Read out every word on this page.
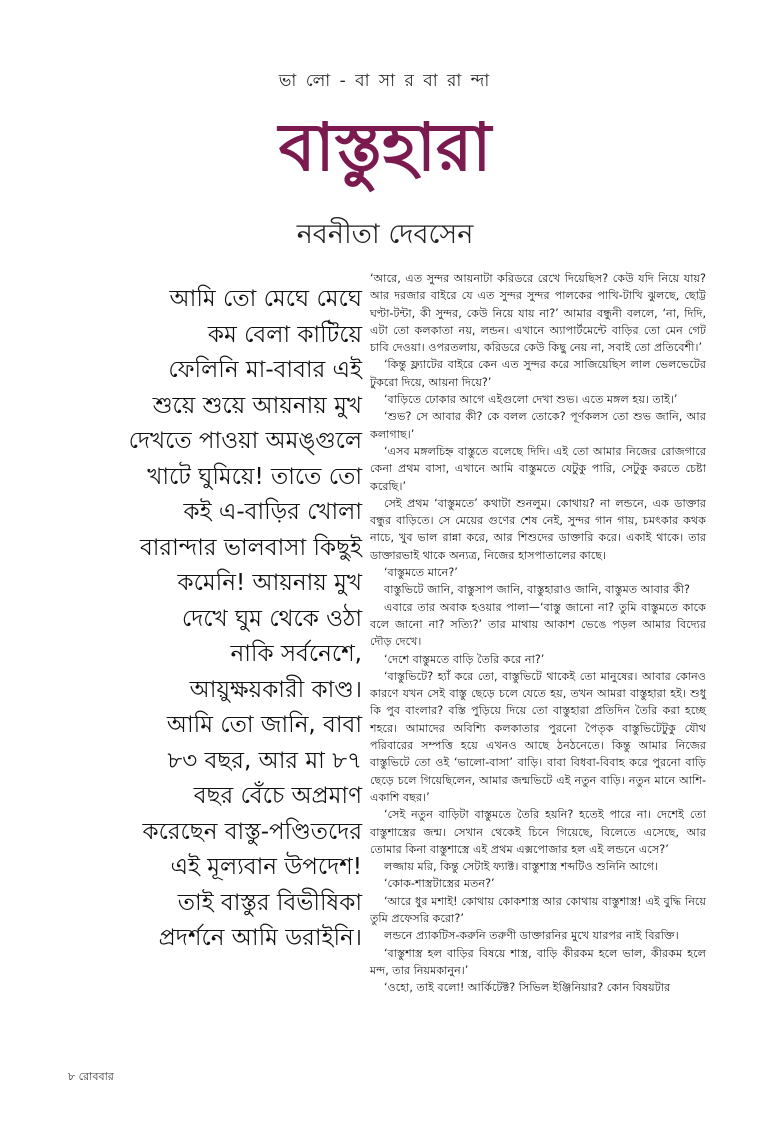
ভা লো - বা সা র বা রা ন্দা
বাস্তুহারা
নবনীতা দেবসেন
আমি তো মেঘে মেঘে
কম বেলা কাটিয়ে
ফেলিনি মা-বাবার এই
শুয়ে শুয়ে আয়নায় মুখ
দেখতে পাওয়া অমঙ্গুলে
খাটে ঘুমিয়ে! তাতে তো
কই এ-বাড়ির খোলা
বারান্দার ভালবাসা কিছুই
কমেনি! আয়নায় মুখ
দেখে ঘুম থেকে ওঠা
নাকি সর্বনেশে,
আয়ুক্ষয়কারী কাণ্ড।
আমি তো জানি, বাবা
৮৩ বছর, আর মা ৮৭
বছর বেঁচে অপ্রমাণ
করেছেন বাস্তু-পণ্ডিতদের
এই মূল্যবান উপদেশ!
তাই বাস্তুর বিভীষিকা
প্রদর্শনে আমি ডরাইনি।

‘আরে, এত সুন্দর আয়নাটা করিডরে রেখে দিয়েছিস? কেউ যদি নিয়ে যায়? আর দরজার বাইরে যে এত সুন্দর সুন্দর পালকের পাখি-টাখি ঝুলছে, ছোট্ট ঘণ্টা-টন্টা, কী সুন্দর, কেউ নিয়ে যায় না?’ আমার বন্ধুনী বললে, ‘না, দিদি, এটা তো কলকাতা নয়, লন্ডন। এখানে অ্যাপার্টমেন্টে বাড়ির তো মেন গেট চাবি দেওয়া। ওপরতলায়, করিডরে কেউ কিছু নেয় না, সবাই তো প্রতিবেশী।’

‘কিন্তু ফ্ল্যাটের বাইরে কেন এত সুন্দর করে সাজিয়েছিস লাল ভেলভেটের টুকরো দিয়ে, আয়না দিয়ে?’

‘বাড়িতে ঢোকার আগে এইগুলো দেখা শুভ। এতে মঙ্গল হয়। তাই।’

‘শুভ? সে আবার কী? কে বলল তোকে? পূর্ণকলস তো শুভ জানি, আর কলাগাছ।’

‘এসব মঙ্গলচিহ্ন বাস্তুতে বলেছে দিদি। এই তো আমার নিজের রোজগারে কেনা প্রথম বাসা, এখানে আমি বাস্তুমতে যেটুকু পারি, সেটুকু করতে চেষ্টা করেছি।’

সেই প্রথম ‘বাস্তুমতে’ কথাটা শুনলুম। কোথায়? না লন্ডনে, এক ডাক্তার বন্ধুর বাড়িতে। সে মেয়ের গুণের শেষ নেই, সুন্দর গান গায়, চমৎকার কথক নাচে, খুব ভাল রান্না করে, আর শিশুদের ডাক্তারি করে। একাই থাকে। তার ডাক্তারভাই থাকে অন্যত্র, নিজের হাসপাতালের কাছে।

‘বাস্তুমতে মানে?’

বাস্তুভিটে জানি, বাস্তুসাপ জানি, বাস্তুহারাও জানি, বাস্তুমত আবার কী?

এবারে তার অবাক হওয়ার পালা—‘বাস্তু জানো না? তুমি বাস্তুমতে কাকে বলে জানো না? সত্যি?’ তার মাথায় আকাশ ভেঙে পড়ল আমার বিদ্যের দৌড় দেখে।

‘দেশে বাস্তুমতে বাড়ি তৈরি করে না?’

‘বাস্তুভিটে? হ্যাঁ করে তো, বাস্তুভিটে থাকেই তো মানুষের। আবার কোনও কারণে যখন সেই বাস্তু ছেড়ে চলে যেতে হয়, তখন আমরা বাস্তুহারা হই। শুধু কি পুব বাংলার? বস্তি পুড়িয়ে দিয়ে তো বাস্তুহারা প্রতিদিন তৈরি করা হচ্ছে শহরে। আমাদের অবিশ্যি কলকাতার পুরনো পৈতৃক বাস্তুভিটেটুকু যৌথ পরিবারের সম্পত্তি হয়ে এখনও আছে ঠনঠনেতে। কিন্তু আমার নিজের বাস্তুভিটে তো ওই ‘ভালো-বাসা’ বাড়ি। বাবা বিধবা-বিবাহ করে পুরনো বাড়ি ছেড়ে চলে গিয়েছিলেন, আমার জন্মভিটে এই নতুন বাড়ি। নতুন মানে আশি-একাশি বছর।’

‘সেই নতুন বাড়িটা বাস্তুমতে তৈরি হয়নি? হতেই পারে না। দেশেই তো বাস্তুশাস্ত্রের জন্ম। সেখান থেকেই চিনে গিয়েছে, বিলেতে এসেছে, আর তোমার কিনা বাস্তুশাস্ত্রে এই প্রথম এক্সপোজার হল এই লন্ডনে এসে?’

লজ্জায় মরি, কিন্তু সেটাই ফ্যাক্ট। বাস্তুশাস্ত্র শব্দটিও শুনিনি আগে।

‘কোক-শাস্ত্রটাস্ত্রের মতন?’

‘আরে ধুর মশাই! কোথায় কোকশাস্ত্র আর কোথায় বাস্তুশাস্ত্র! এই বুদ্ধি নিয়ে তুমি প্রফেসরি করো?’

লন্ডনে প্র্যাকটিস-করুনি তরুণী ডাক্তারনির মুখে যারপর নাই বিরক্তি।

‘বাস্তুশাস্ত্র হল বাড়ির বিষয়ে শাস্ত্র, বাড়ি কীরকম হলে ভাল, কীরকম হলে মন্দ, তার নিয়মকানুন।’

‘ওহো, তাই বলো! আর্কিটেক্ট? সিভিল ইঞ্জিনিয়ার? কোন বিষয়টার

৮ রোববার
